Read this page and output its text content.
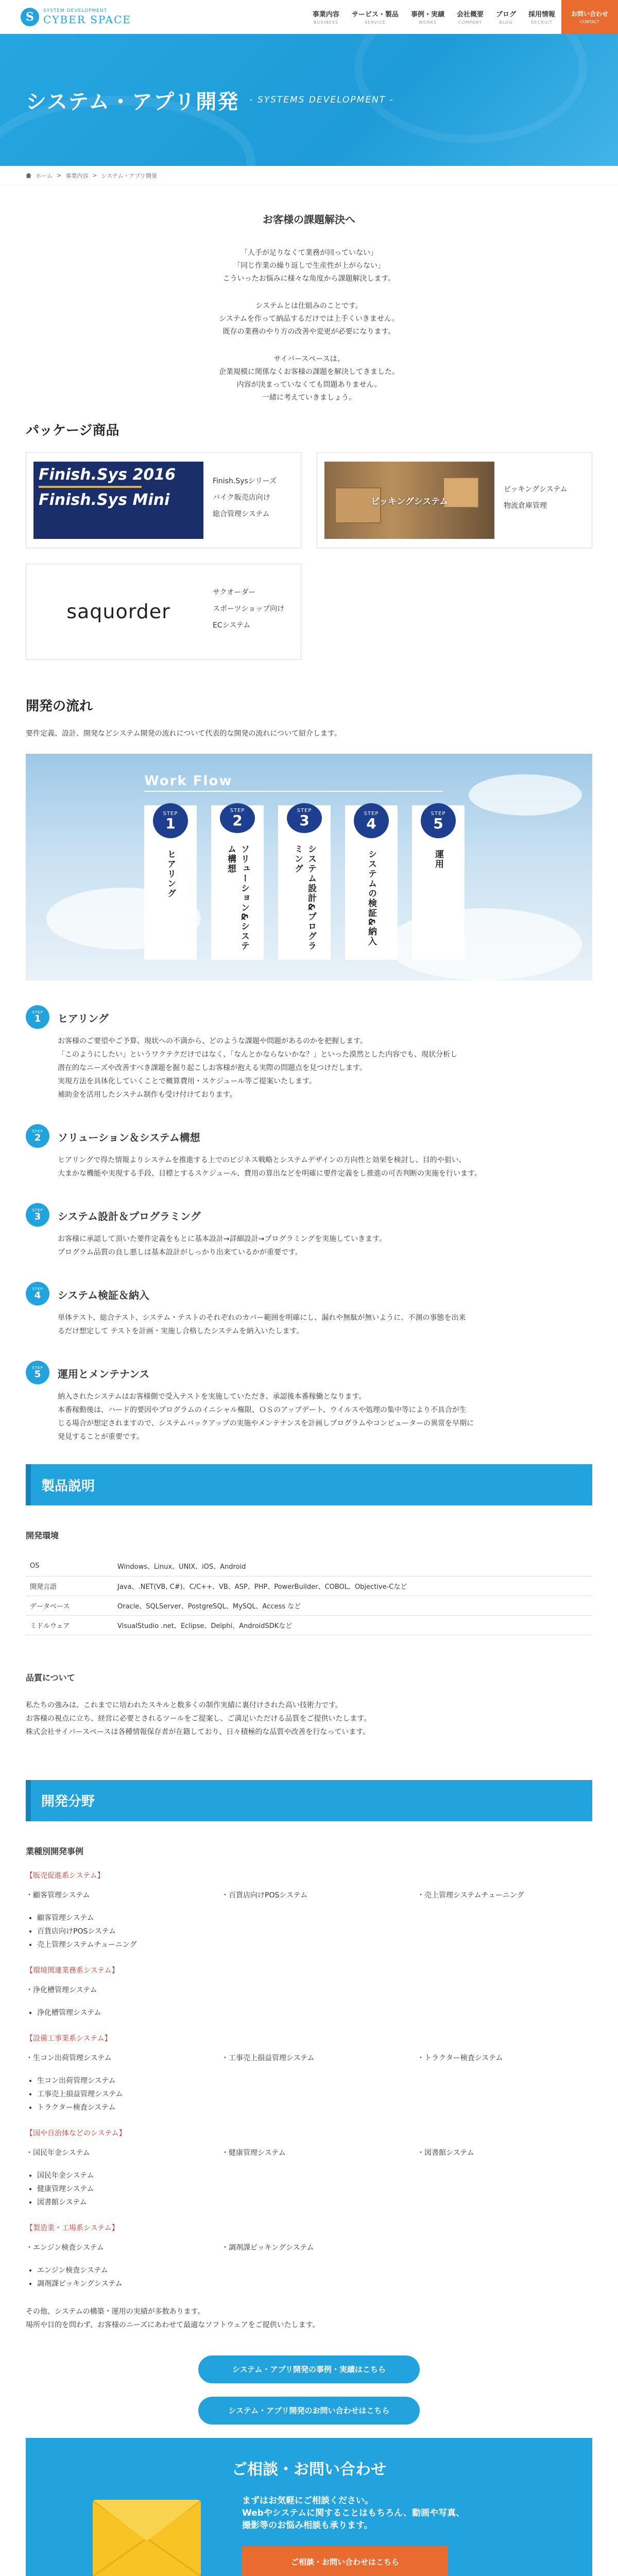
S	SYSTEM DEVELOPMENT
CYBER SPACE	事業内容
BUSINESS
サービス・製品
SERVICE
事例・実績
WORKS
会社概要
COMPANY
ブログ
BLOG
採用情報
RECRUIT
お問い合わせ
CONTACT
システム・アプリ開発 - SYSTEMS DEVELOPMENT -
ホーム > 事業内容 > システム・アプリ開発
お客様の課題解決へ

「人手が足りなくて業務が回っていない」

「同じ作業の繰り返しで生産性が上がらない」

こういったお悩みに様々な角度から課題解決します。

システムとは仕組みのことです。

システムを作って納品するだけでは上手くいきません。

既存の業務のやり方の改善や変更が必要になります。

サイバースペースは、

企業規模に関係なくお客様の課題を解決してきました。

内容が決まっていなくても問題ありません。

一緒に考えていきましょう。

パッケージ商品
Finish.Sys 2016
Finish.Sys Mini
Finish.Sysシリーズ
バイク販売店向け
総合管理システム
ピッキングシステム
ピッキングシステム
物流倉庫管理
saquorder
サクオーダー
スポーツショップ向け
ECシステム
開発の流れ

要件定義、設計、開発などシステム開発の流れについて代表的な開発の流れについて紹介します。

Work Flow
STEP
1
ヒアリング
STEP
2
ソリューション&システム構想
STEP
3
システム設計&プログラミング
STEP
4
システムの検証&納入
STEP
5
運用
STEP
1 ヒアリング

お客様のご要望やご予算、現状への不満から、どのような課題や問題があるのかを把握します。

「このようにしたい」というワクテクだけではなく、「なんとかならないかな？」といった漠然とした内容でも、現状分析し

潜在的なニーズや改善すべき課題を掘り起こしお客様が抱える実際の問題点を見つけだします。

実現方法を具体化していくことで概算費用・スケジュール等ご提案いたします。

補助金を活用したシステム制作も受け付けております。

STEP
2 ソリューション＆システム構想

ヒアリングで得た情報よりシステムを推進する上でのビジネス戦略とシステムデザインの方向性と効果を検討し、目的や狙い、

大まかな機能や実現する手段、目標とするスケジュール、費用の算出などを明確に要件定義をし推進の可否判断の実施を行います。

STEP
3 システム設計＆プログラミング

お客様に承認して頂いた要件定義をもとに基本設計→詳細設計→プログラミングを実施していきます。

プログラム品質の良し悪しは基本設計がしっかり出来ているかが重要です。

STEP
4 システム検証＆納入

単体テスト、総合テスト、システム・テストのそれぞれのカバー範囲を明確にし、漏れや無駄が無いように、不測の事態を出来

るだけ想定して テストを計画・実施し合格したシステムを納入いたします。

STEP
5 運用とメンテナンス

納入されたシステムはお客様側で受入テストを実施していただき、承認後本番稼働となります。

本番稼動後は、ハード的要因やプログラムのイニシャル権限、ＯＳのアップデート、ウイルスや処理の集中等により不具合が生

じる場合が想定されますので、システムバックアップの実施やメンテナンスを計画しプログラムやコンピューターの異常を早期に

発見することが重要です。

製品説明
開発環境
OS	Windows、Linux、UNIX、iOS、Android
開発言語	Java、.NET(VB, C#)、C/C++、VB、ASP、PHP、PowerBuilder、COBOL、Objective-Cなど
データベース	Oracle、SQLServer、PostgreSQL、MySQL、Access など
ミドルウェア	VisualStudio .net、Eclipse、Delphi、AndroidSDKなど
品質について

私たちの強みは、これまでに培われたスキルと数多くの制作実績に裏付けされた高い技術力です。

お客様の視点に立ち、経営に必要とされるツールをご提案し、ご満足いただける品質をご提供いたします。

株式会社サイバースペースは各種情報保存者が在籍しており、日々積極的な品質や改善を行なっています。

開発分野
業種別開発事例
【販売促進系システム】
・顧客管理システム	・百貨店向けPOSシステム	・売上管理システムチューニング
• 顧客管理システム
• 百貨店向けPOSシステム
• 売上管理システムチューニング
【環境関連業務系システム】
・浄化槽管理システム
• 浄化槽管理システム
【設備工事業系システム】
・生コン出荷管理システム	・工事売上損益管理システム	・トラクター検査システム
• 生コン出荷管理システム
• 工事売上損益管理システム
• トラクター検査システム
【国や自治体などのシステム】
・国民年金システム	・健康管理システム	・図書館システム
• 国民年金システム
• 健康管理システム
• 図書館システム
【製造業・工場系システム】
・エンジン検査システム	・調剤課ピッキングシステム
• エンジン検査システム
• 調剤課ピッキングシステム

その他、システムの構築・運用の実績が多数あります。

場所や目的を問わず、お客様のニーズにあわせて最適なソフトウェアをご提供いたします。

システム・アプリ開発の事例・実績はこちら
システム・アプリ開発のお問い合わせはこちら
ご相談・お問い合わせ

まずはお気軽にご相談ください。

Webやシステムに関することはもちろん、動画や写真、

撮影等のお悩み相談も承ります。

ご相談・お問い合わせはこちら
